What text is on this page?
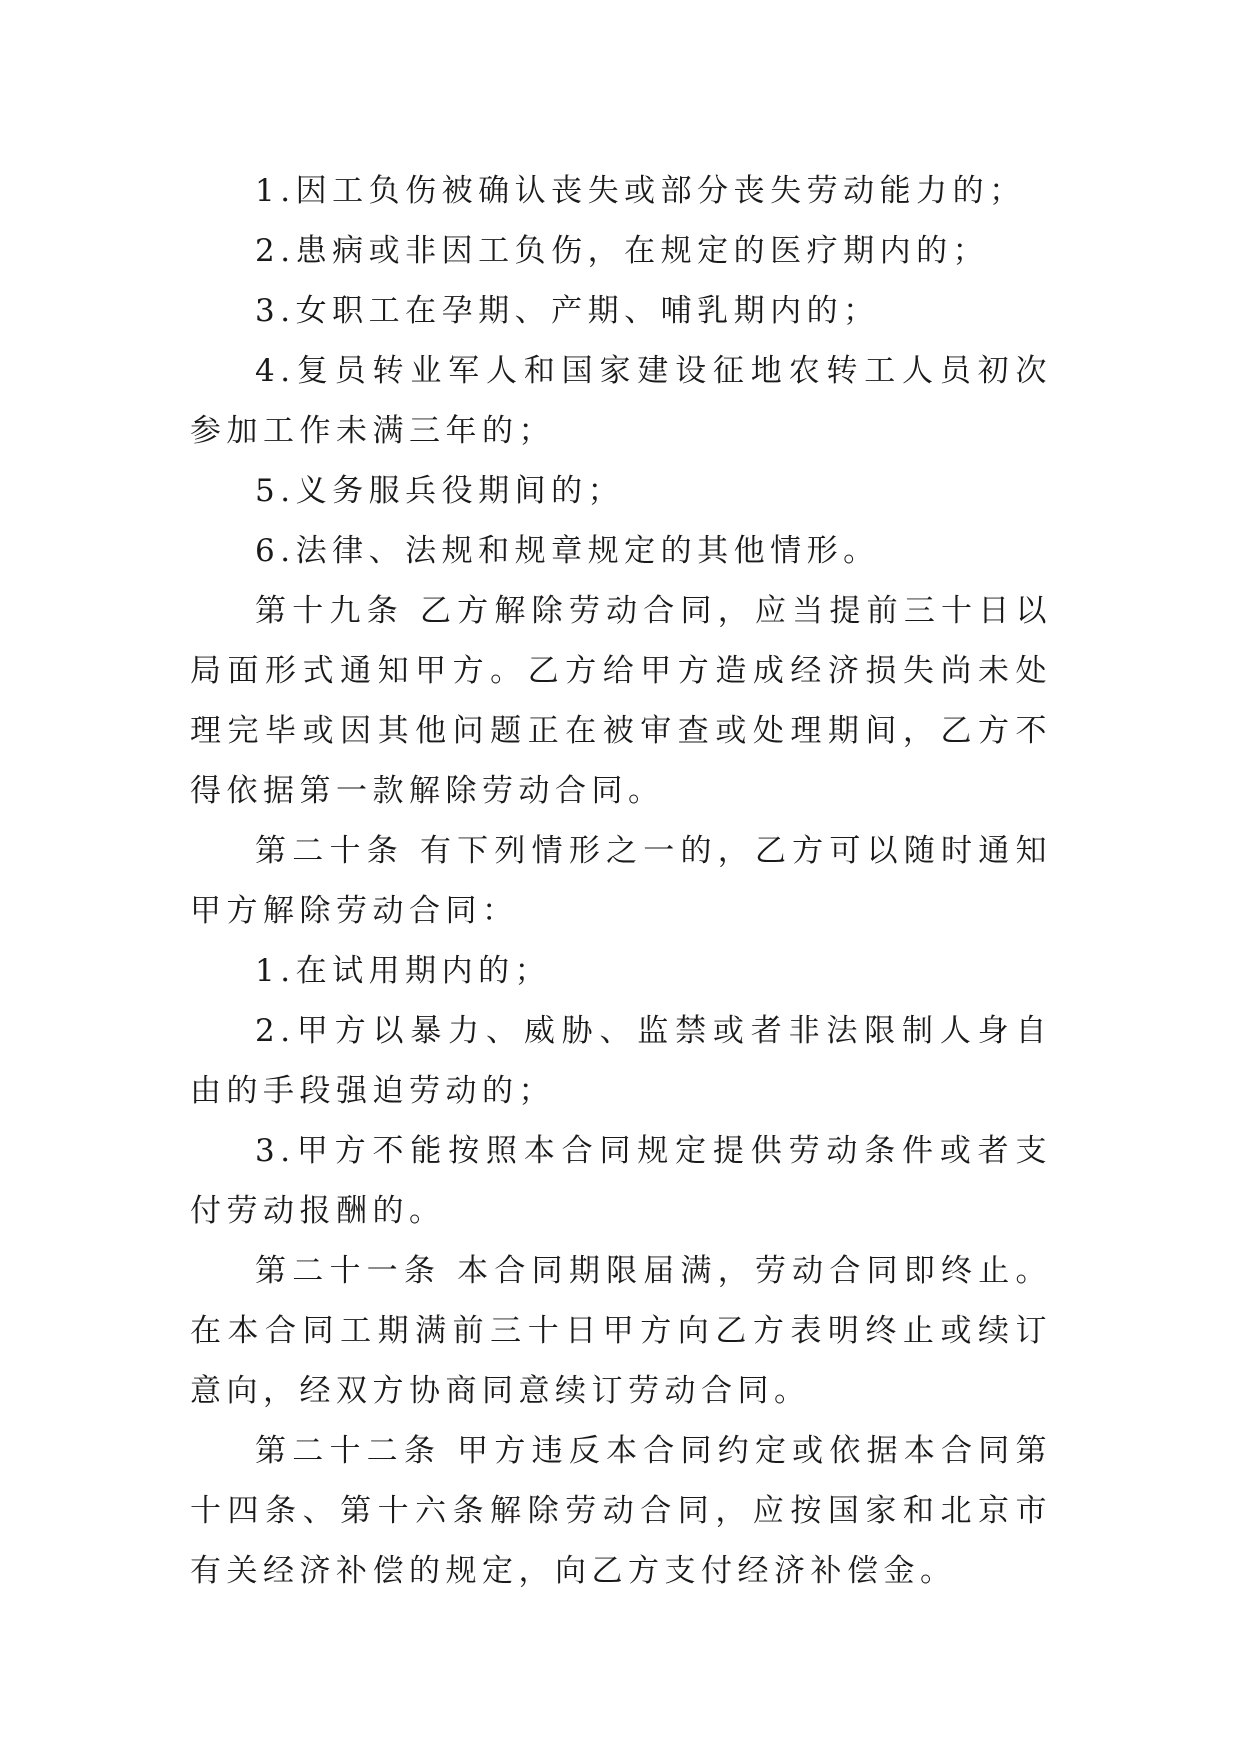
1.因工负伤被确认丧失或部分丧失劳动能力的；

2.患病或非因工负伤，在规定的医疗期内的；

3.女职工在孕期、产期、哺乳期内的；

4.复员转业军人和国家建设征地农转工人员初次参加工作未满三年的；

5.义务服兵役期间的；

6.法律、法规和规章规定的其他情形。

第十九条 乙方解除劳动合同，应当提前三十日以局面形式通知甲方。乙方给甲方造成经济损失尚未处理完毕或因其他问题正在被审查或处理期间，乙方不得依据第一款解除劳动合同。

第二十条 有下列情形之一的，乙方可以随时通知甲方解除劳动合同：

1.在试用期内的；

2.甲方以暴力、威胁、监禁或者非法限制人身自由的手段强迫劳动的；

3.甲方不能按照本合同规定提供劳动条件或者支付劳动报酬的。

第二十一条 本合同期限届满，劳动合同即终止。在本合同工期满前三十日甲方向乙方表明终止或续订意向，经双方协商同意续订劳动合同。

第二十二条 甲方违反本合同约定或依据本合同第十四条、第十六条解除劳动合同，应按国家和北京市有关经济补偿的规定，向乙方支付经济补偿金。
